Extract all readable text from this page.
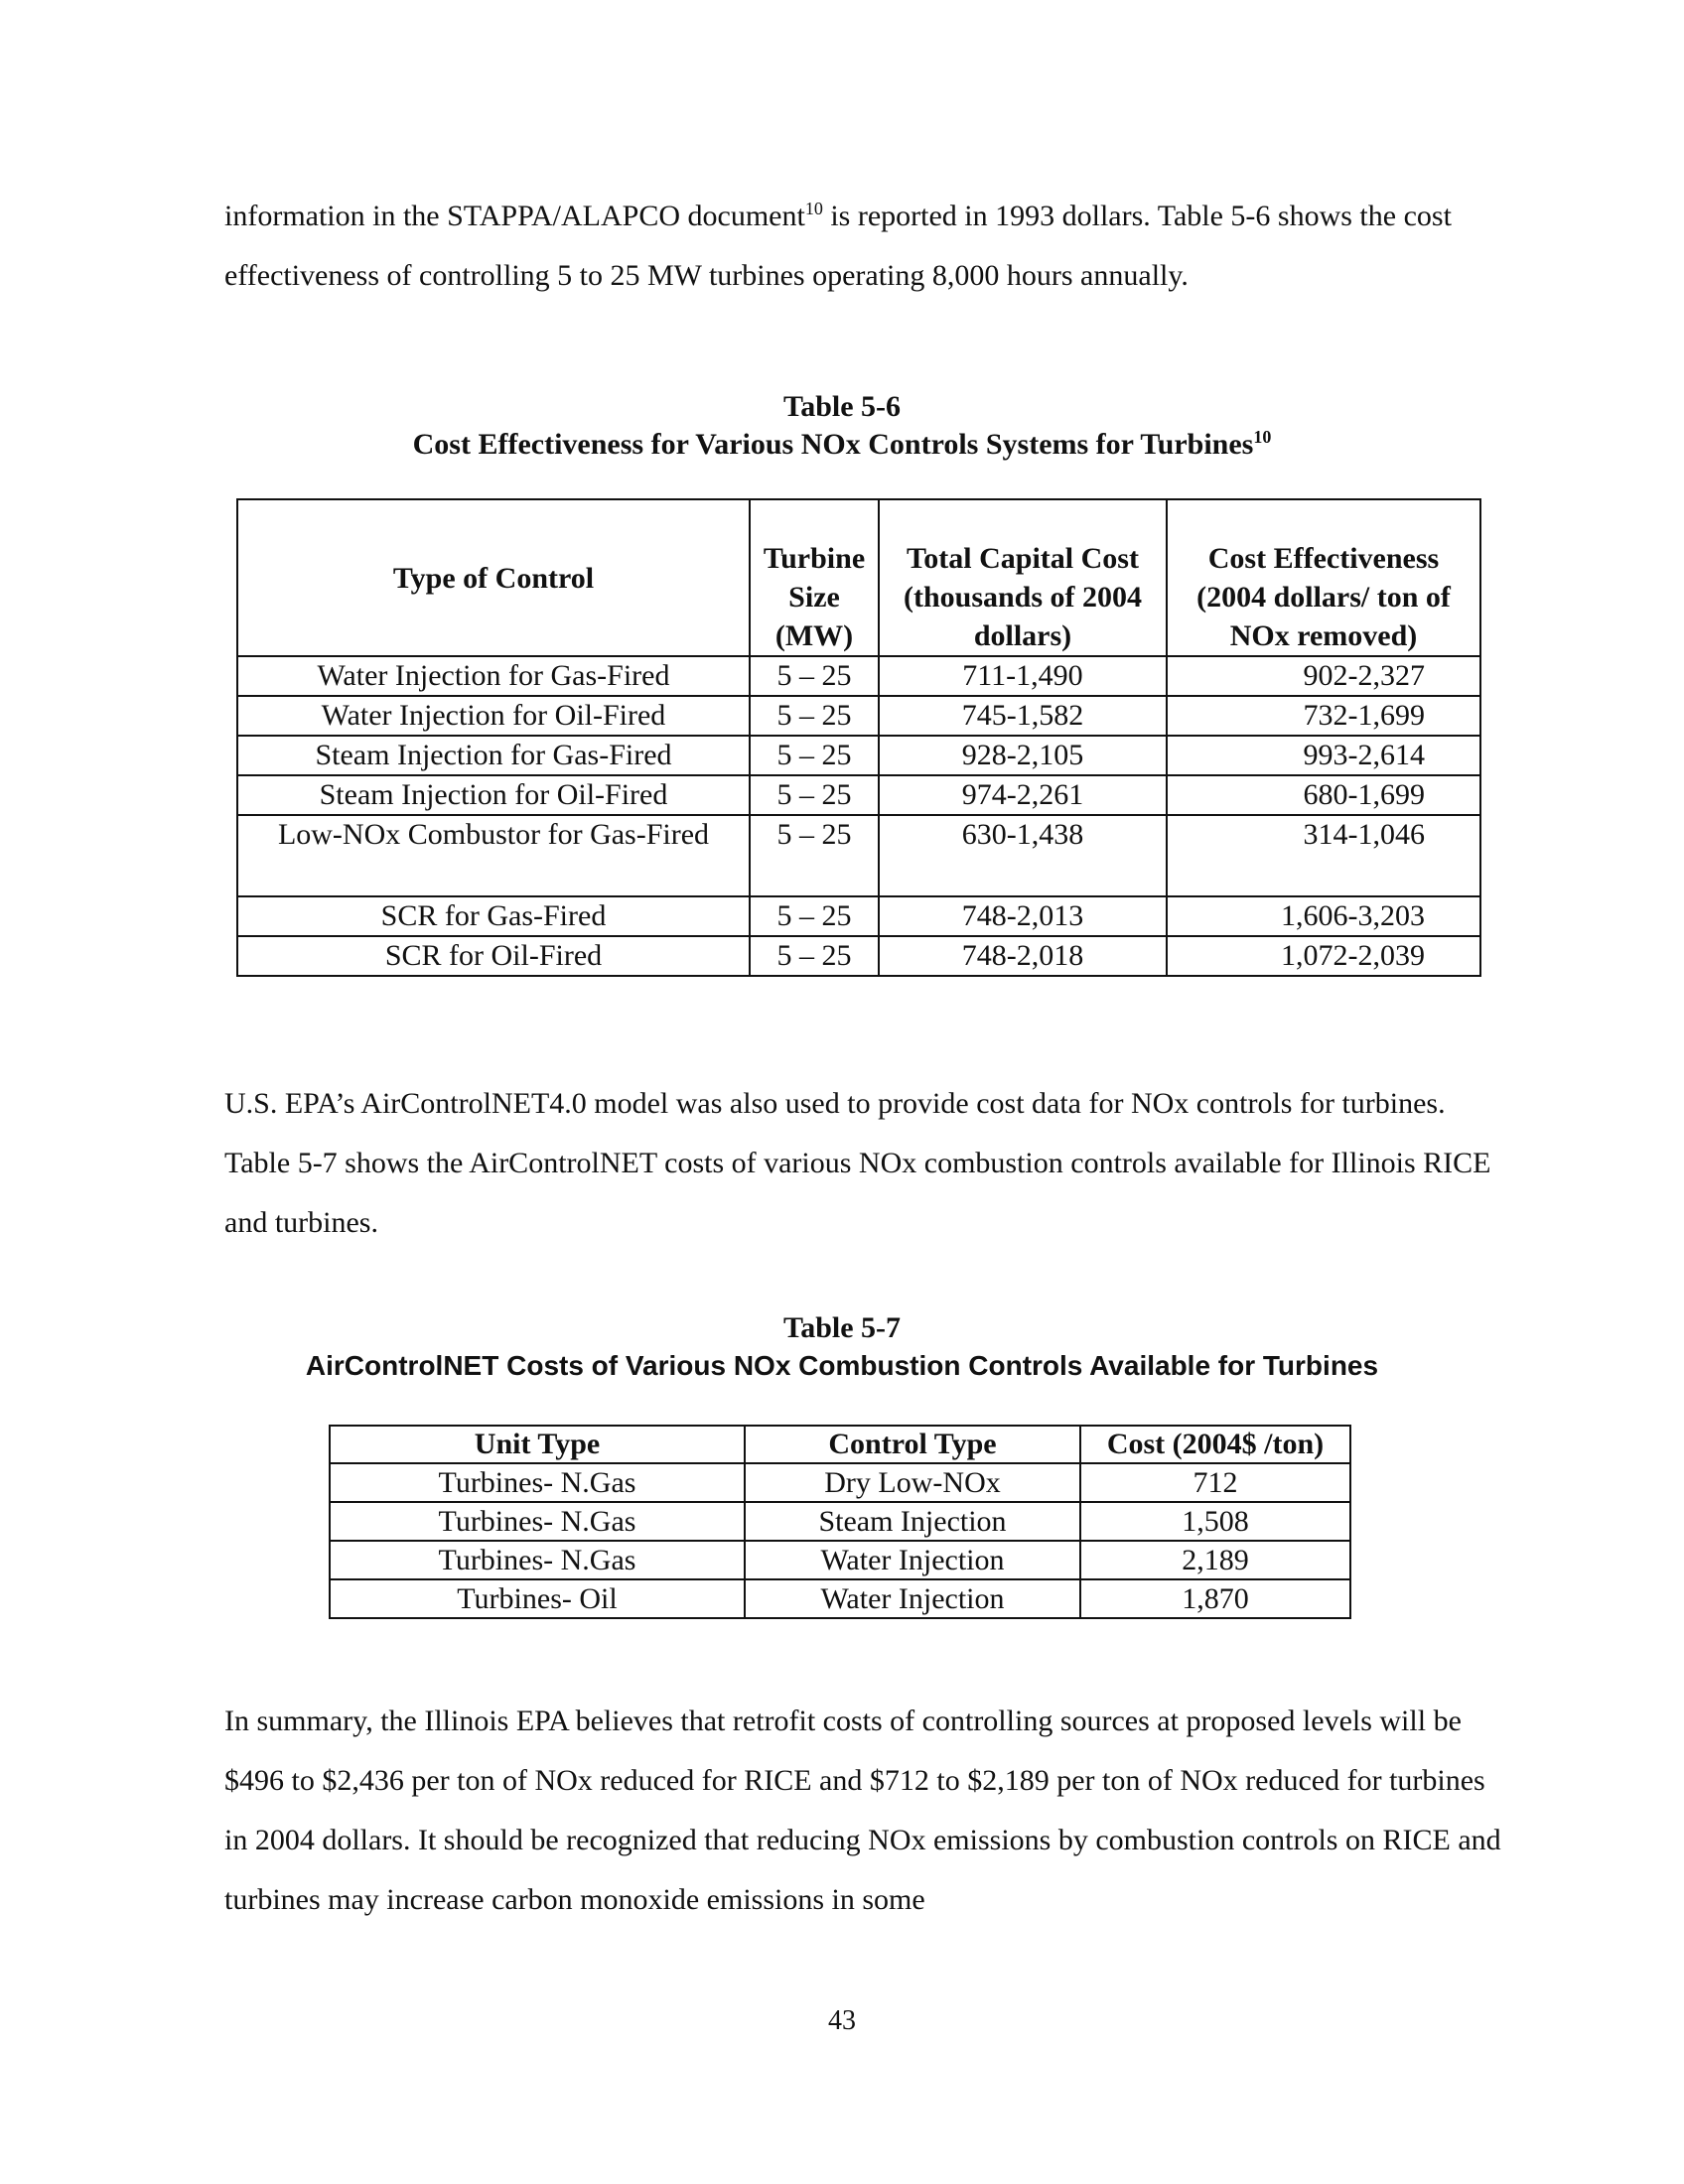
information in the STAPPA/ALAPCO document$^{10}$ is reported in 1993 dollars. Table 5-6 shows the cost effectiveness of controlling 5 to 25 MW turbines operating 8,000 hours annually.

Table 5-6
Cost Effectiveness for Various NOx Controls Systems for Turbines$^{10}$
Type of Control	Turbine Size (MW)	Total Capital Cost (thousands of 2004 dollars)	Cost Effectiveness (2004 dollars/ ton of NOx removed)
Water Injection for Gas-Fired	5 – 25	711-1,490	902-2,327
Water Injection for Oil-Fired	5 – 25	745-1,582	732-1,699
Steam Injection for Gas-Fired	5 – 25	928-2,105	993-2,614
Steam Injection for Oil-Fired	5 – 25	974-2,261	680-1,699
Low-NOx Combustor for Gas-Fired	5 – 25	630-1,438	314-1,046
SCR for Gas-Fired	5 – 25	748-2,013	1,606-3,203
SCR for Oil-Fired	5 – 25	748-2,018	1,072-2,039

U.S. EPA’s AirControlNET4.0 model was also used to provide cost data for NOx controls for turbines. Table 5-7 shows the AirControlNET costs of various NOx combustion controls available for Illinois RICE and turbines.

Table 5-7
AirControlNET Costs of Various NOx Combustion Controls Available for Turbines
Unit Type	Control Type	Cost (2004$ /ton)
Turbines- N.Gas	Dry Low-NOx	712
Turbines- N.Gas	Steam Injection	1,508
Turbines- N.Gas	Water Injection	2,189
Turbines- Oil	Water Injection	1,870

In summary, the Illinois EPA believes that retrofit costs of controlling sources at proposed levels will be $496 to $2,436 per ton of NOx reduced for RICE and $712 to $2,189 per ton of NOx reduced for turbines in 2004 dollars. It should be recognized that reducing NOx emissions by combustion controls on RICE and turbines may increase carbon monoxide emissions in some

43
